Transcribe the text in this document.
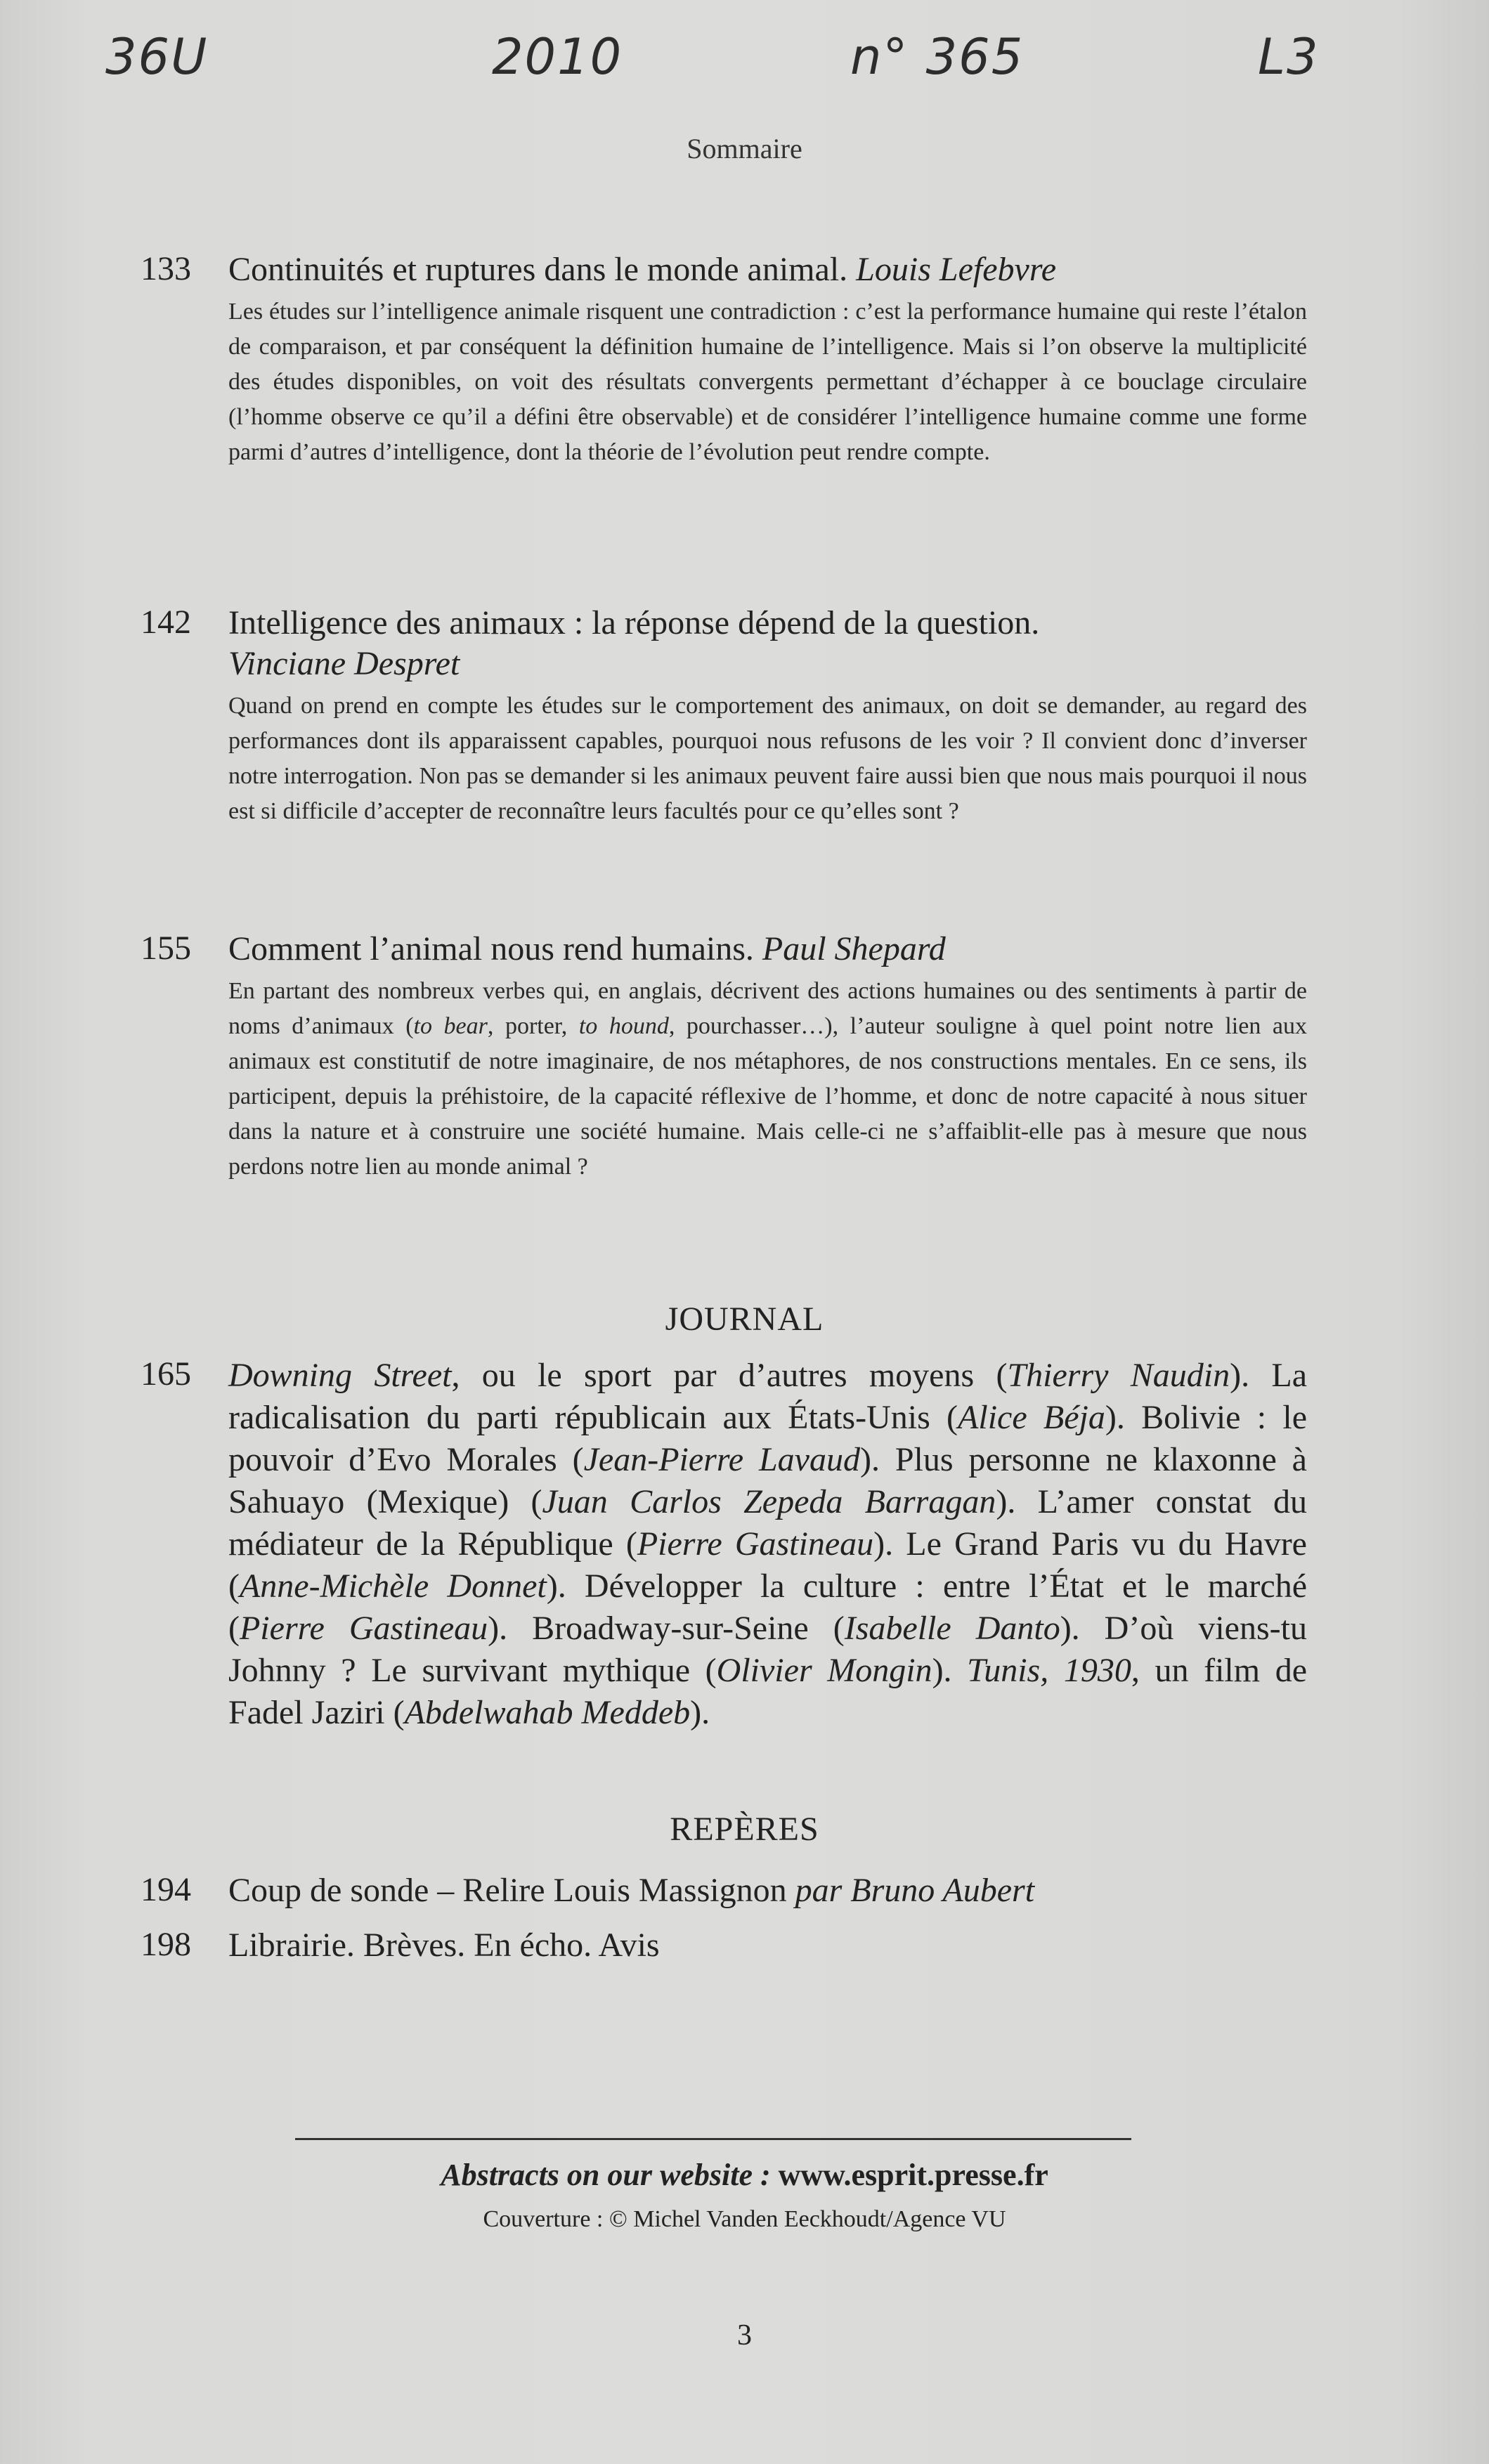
36U	2010	n° 365	L3
Sommaire
133 Continuités et ruptures dans le monde animal. Louis Lefebvre
Les études sur l’intelligence animale risquent une contradiction : c’est la performance humaine qui reste l’étalon de comparaison, et par conséquent la définition humaine de l’intelligence. Mais si l’on observe la multiplicité des études disponibles, on voit des résultats convergents permettant d’échapper à ce bouclage circulaire (l’homme observe ce qu’il a défini être observable) et de considérer l’intelligence humaine comme une forme parmi d’autres d’intelligence, dont la théorie de l’évolution peut rendre compte.
142 Intelligence des animaux : la réponse dépend de la question.
Vinciane Despret
Quand on prend en compte les études sur le comportement des animaux, on doit se demander, au regard des performances dont ils apparaissent capables, pourquoi nous refusons de les voir ? Il convient donc d’inverser notre interrogation. Non pas se demander si les animaux peuvent faire aussi bien que nous mais pourquoi il nous est si difficile d’accepter de reconnaître leurs facultés pour ce qu’elles sont ?
155 Comment l’animal nous rend humains. Paul Shepard
En partant des nombreux verbes qui, en anglais, décrivent des actions humaines ou des sentiments à partir de noms d’animaux (to bear, porter, to hound, pourchasser…), l’auteur souligne à quel point notre lien aux animaux est constitutif de notre imaginaire, de nos métaphores, de nos constructions mentales. En ce sens, ils participent, depuis la préhistoire, de la capacité réflexive de l’homme, et donc de notre capacité à nous situer dans la nature et à construire une société humaine. Mais celle-ci ne s’affaiblit-elle pas à mesure que nous perdons notre lien au monde animal ?
JOURNAL
165 Downing Street, ou le sport par d’autres moyens (Thierry Naudin). La radicalisation du parti républicain aux États-Unis (Alice Béja). Bolivie : le pouvoir d’Evo Morales (Jean-Pierre Lavaud). Plus personne ne klaxonne à Sahuayo (Mexique) (Juan Carlos Zepeda Barragan). L’amer constat du médiateur de la République (Pierre Gastineau). Le Grand Paris vu du Havre (Anne-Michèle Donnet). Développer la culture : entre l’État et le marché (Pierre Gastineau). Broadway-sur-Seine (Isabelle Danto). D’où viens-tu Johnny ? Le survivant mythique (Olivier Mongin). Tunis, 1930, un film de Fadel Jaziri (Abdelwahab Meddeb).
REPÈRES
194 Coup de sonde – Relire Louis Massignon par Bruno Aubert
198 Librairie. Brèves. En écho. Avis
Abstracts on our website : www.esprit.presse.fr
Couverture : © Michel Vanden Eeckhoudt/Agence VU
3
